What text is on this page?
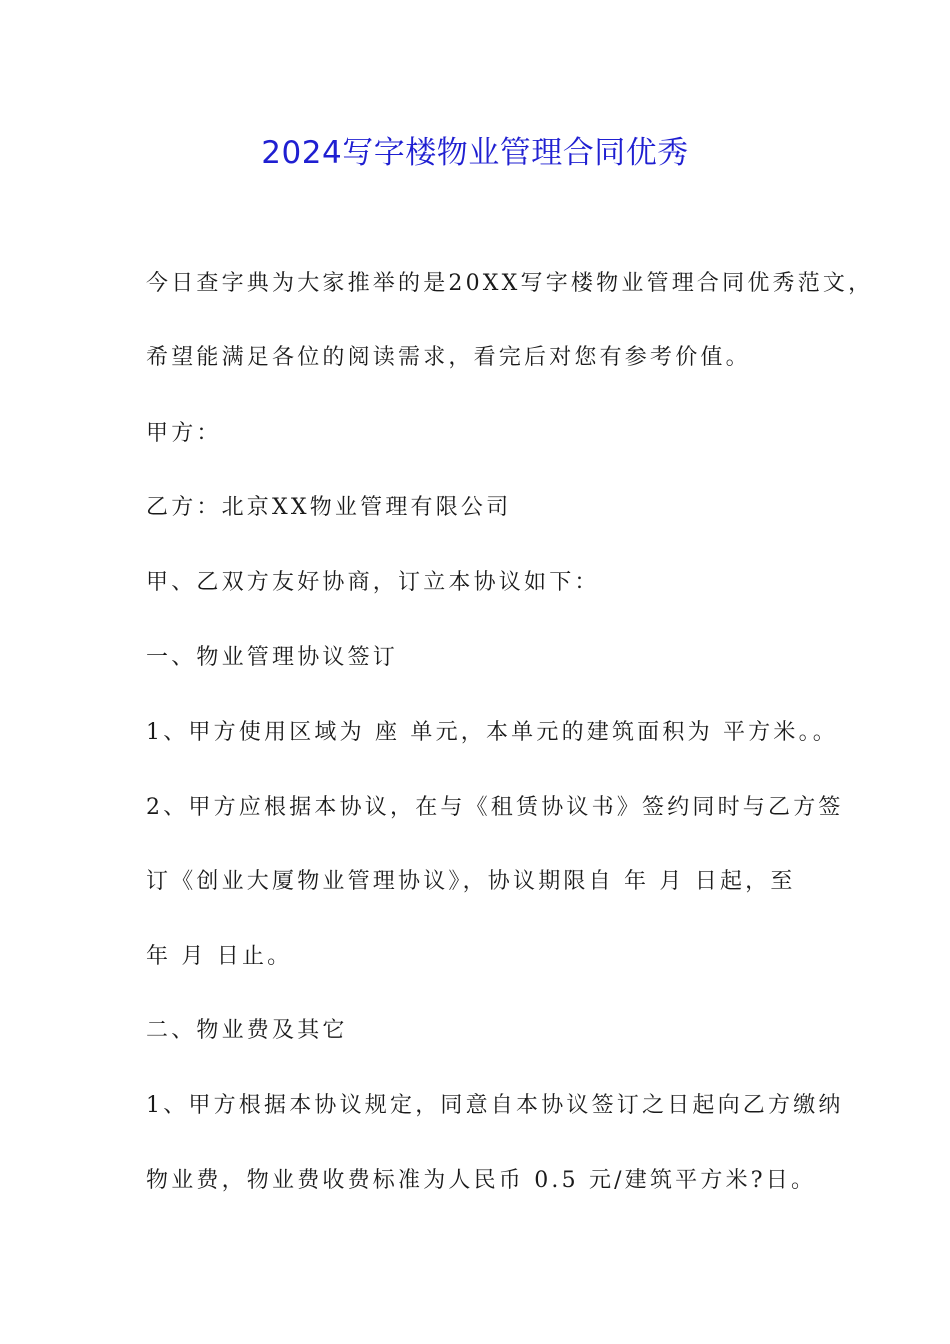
2024写字楼物业管理合同优秀
今日查字典为大家推举的是20XX写字楼物业管理合同优秀范文，
希望能满足各位的阅读需求，看完后对您有参考价值。
甲方：
乙方：北京XX物业管理有限公司
甲、乙双方友好协商，订立本协议如下：
一、物业管理协议签订
1、甲方使用区域为 座 单元，本单元的建筑面积为 平方米。。
2、甲方应根据本协议，在与《租赁协议书》签约同时与乙方签
订《创业大厦物业管理协议》，协议期限自 年 月 日起，至
年 月 日止。
二、物业费及其它
1、甲方根据本协议规定，同意自本协议签订之日起向乙方缴纳
物业费，物业费收费标准为人民币 0.5 元/建筑平方米?日。
